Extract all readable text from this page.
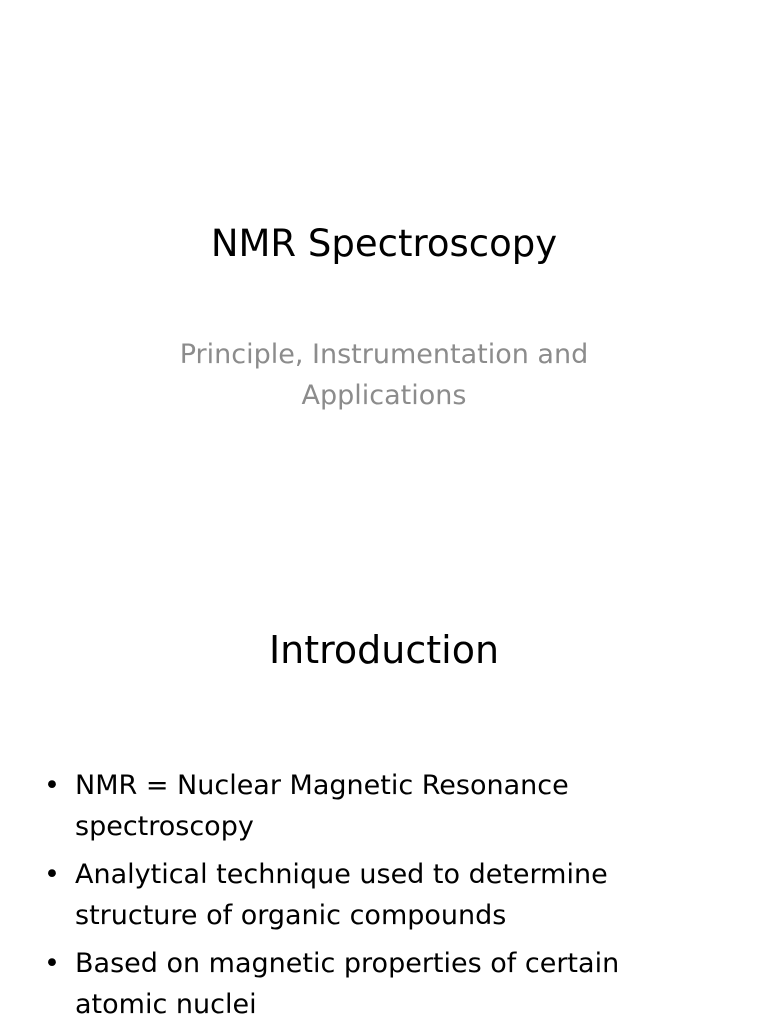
NMR Spectroscopy
Principle, Instrumentation and Applications
Introduction
• NMR = Nuclear Magnetic Resonance spectroscopy
• Analytical technique used to determine structure of organic compounds
• Based on magnetic properties of certain atomic nuclei
